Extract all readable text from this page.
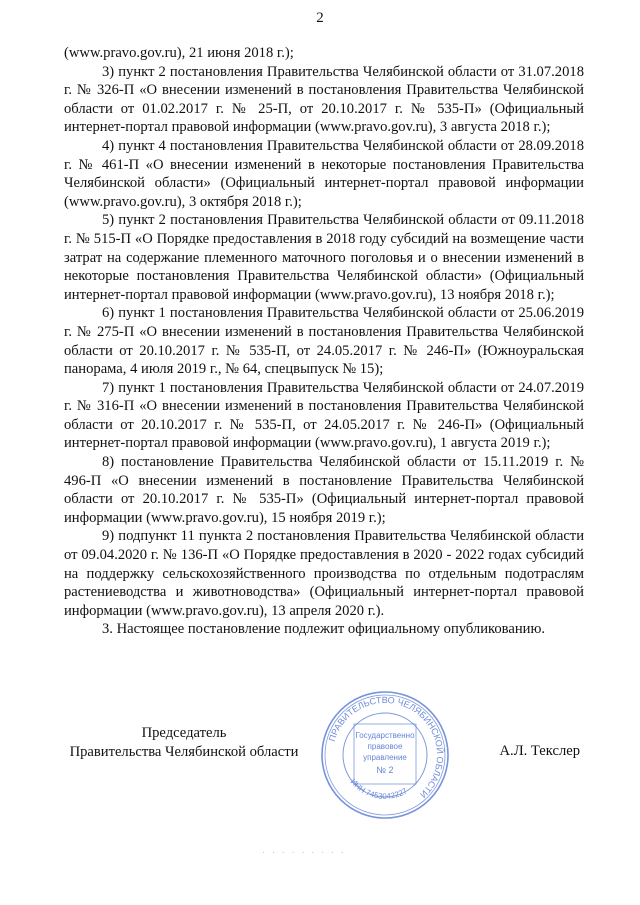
2

(www.pravo.gov.ru), 21 июня 2018 г.);

3) пункт 2 постановления Правительства Челябинской области от 31.07.2018 г. № 326-П «О внесении изменений в постановления Правительства Челябинской области от 01.02.2017 г. № 25-П, от 20.10.2017 г. № 535-П» (Официальный интернет-портал правовой информации (www.pravo.gov.ru), 3 августа 2018 г.);

4) пункт 4 постановления Правительства Челябинской области от 28.09.2018 г. № 461-П «О внесении изменений в некоторые постановления Правительства Челябинской области» (Официальный интернет-портал правовой информации (www.pravo.gov.ru), 3 октября 2018 г.);

5) пункт 2 постановления Правительства Челябинской области от 09.11.2018 г. № 515-П «О Порядке предоставления в 2018 году субсидий на возмещение части затрат на содержание племенного маточного поголовья и о внесении изменений в некоторые постановления Правительства Челябинской области» (Официальный интернет-портал правовой информации (www.pravo.gov.ru), 13 ноября 2018 г.);

6) пункт 1 постановления Правительства Челябинской области от 25.06.2019 г. № 275-П «О внесении изменений в постановления Правительства Челябинской области от 20.10.2017 г. № 535-П, от 24.05.2017 г. № 246-П» (Южноуральская панорама, 4 июля 2019 г., № 64, спецвыпуск № 15);

7) пункт 1 постановления Правительства Челябинской области от 24.07.2019 г. № 316-П «О внесении изменений в постановления Правительства Челябинской области от 20.10.2017 г. № 535-П, от 24.05.2017 г. № 246-П» (Официальный интернет-портал правовой информации (www.pravo.gov.ru), 1 августа 2019 г.);

8) постановление Правительства Челябинской области от 15.11.2019 г. № 496-П «О внесении изменений в постановление Правительства Челябинской области от 20.10.2017 г. № 535-П» (Официальный интернет-портал правовой информации (www.pravo.gov.ru), 15 ноября 2019 г.);

9) подпункт 11 пункта 2 постановления Правительства Челябинской области от 09.04.2020 г. № 136-П «О Порядке предоставления в 2020 - 2022 годах субсидий на поддержку сельскохозяйственного производства по отдельным подотраслям растениеводства и животноводства» (Официальный интернет-портал правовой информации (www.pravo.gov.ru), 13 апреля 2020 г.).

3. Настоящее постановление подлежит официальному опубликованию.

Председатель
Правительства Челябинской области	А.Л. Текслер
ПРАВИТЕЛЬСТВО ЧЕЛЯБИНСКОЙ ОБЛАСТИ
Государственно
правовое
управление
№ 2
ИНН 7453042227
· · · · · · · · ·
